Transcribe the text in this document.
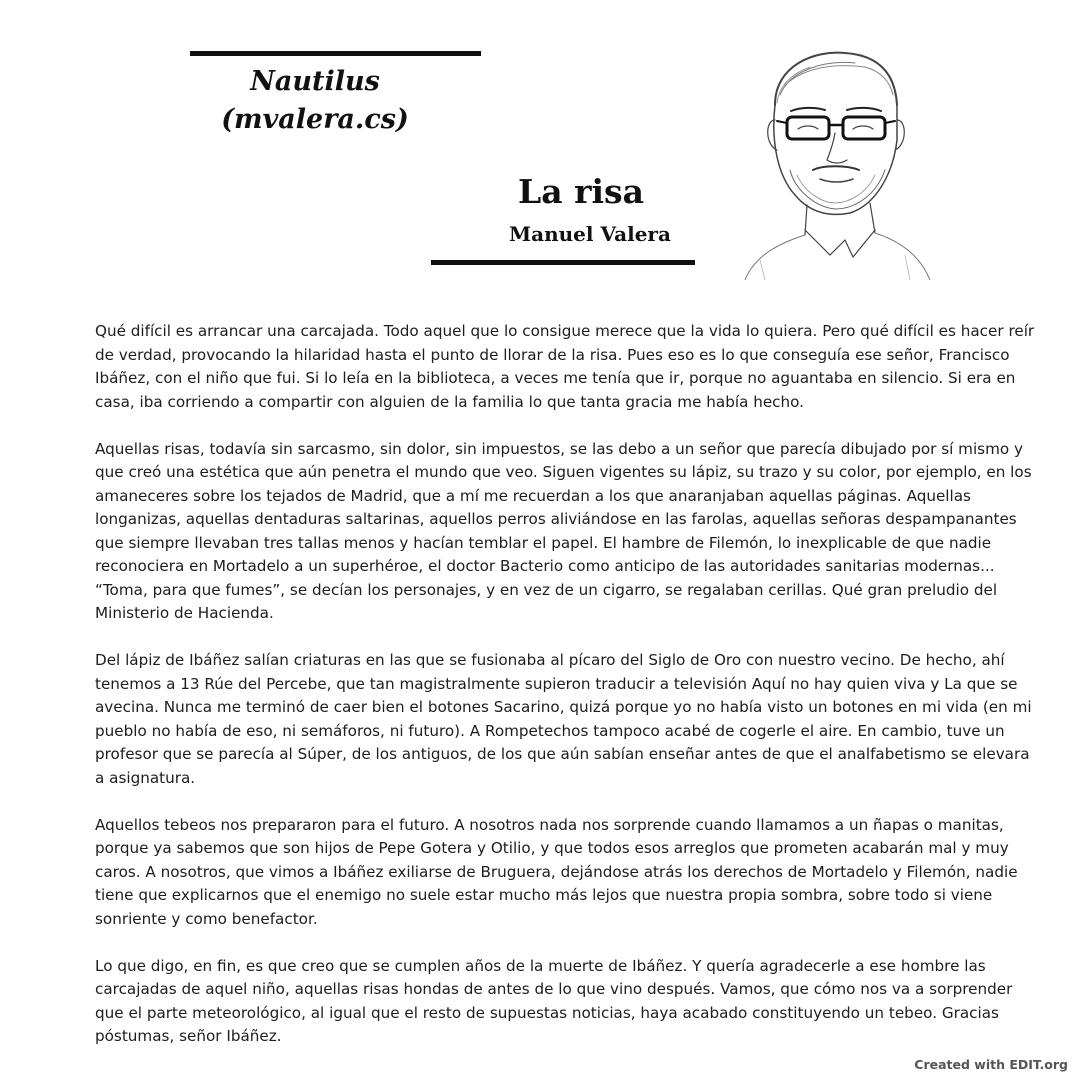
Nautilus
(mvalera.cs)
La risa
Manuel Valera

Qué difícil es arrancar una carcajada. Todo aquel que lo consigue merece que la vida lo quiera. Pero qué difícil es hacer reír de verdad, provocando la hilaridad hasta el punto de llorar de la risa. Pues eso es lo que conseguía ese señor, Francisco Ibáñez, con el niño que fui. Si lo leía en la biblioteca, a veces me tenía que ir, porque no aguantaba en silencio. Si era en casa, iba corriendo a compartir con alguien de la familia lo que tanta gracia me había hecho.

Aquellas risas, todavía sin sarcasmo, sin dolor, sin impuestos, se las debo a un señor que parecía dibujado por sí mismo y que creó una estética que aún penetra el mundo que veo. Siguen vigentes su lápiz, su trazo y su color, por ejemplo, en los amaneceres sobre los tejados de Madrid, que a mí me recuerdan a los que anaranjaban aquellas páginas. Aquellas longanizas, aquellas dentaduras saltarinas, aquellos perros aliviándose en las farolas, aquellas señoras despampanantes que siempre llevaban tres tallas menos y hacían temblar el papel. El hambre de Filemón, lo inexplicable de que nadie reconociera en Mortadelo a un superhéroe, el doctor Bacterio como anticipo de las autoridades sanitarias modernas... “Toma, para que fumes”, se decían los personajes, y en vez de un cigarro, se regalaban cerillas. Qué gran preludio del Ministerio de Hacienda.

Del lápiz de Ibáñez salían criaturas en las que se fusionaba al pícaro del Siglo de Oro con nuestro vecino. De hecho, ahí tenemos a 13 Rúe del Percebe, que tan magistralmente supieron traducir a televisión Aquí no hay quien viva y La que se avecina. Nunca me terminó de caer bien el botones Sacarino, quizá porque yo no había visto un botones en mi vida (en mi pueblo no había de eso, ni semáforos, ni futuro). A Rompetechos tampoco acabé de cogerle el aire. En cambio, tuve un profesor que se parecía al Súper, de los antiguos, de los que aún sabían enseñar antes de que el analfabetismo se elevara a asignatura.

Aquellos tebeos nos prepararon para el futuro. A nosotros nada nos sorprende cuando llamamos a un ñapas o manitas, porque ya sabemos que son hijos de Pepe Gotera y Otilio, y que todos esos arreglos que prometen acabarán mal y muy caros. A nosotros, que vimos a Ibáñez exiliarse de Bruguera, dejándose atrás los derechos de Mortadelo y Filemón, nadie tiene que explicarnos que el enemigo no suele estar mucho más lejos que nuestra propia sombra, sobre todo si viene sonriente y como benefactor.

Lo que digo, en fin, es que creo que se cumplen años de la muerte de Ibáñez. Y quería agradecerle a ese hombre las carcajadas de aquel niño, aquellas risas hondas de antes de lo que vino después. Vamos, que cómo nos va a sorprender que el parte meteorológico, al igual que el resto de supuestas noticias, haya acabado constituyendo un tebeo. Gracias póstumas, señor Ibáñez.

Created with EDIT.org
